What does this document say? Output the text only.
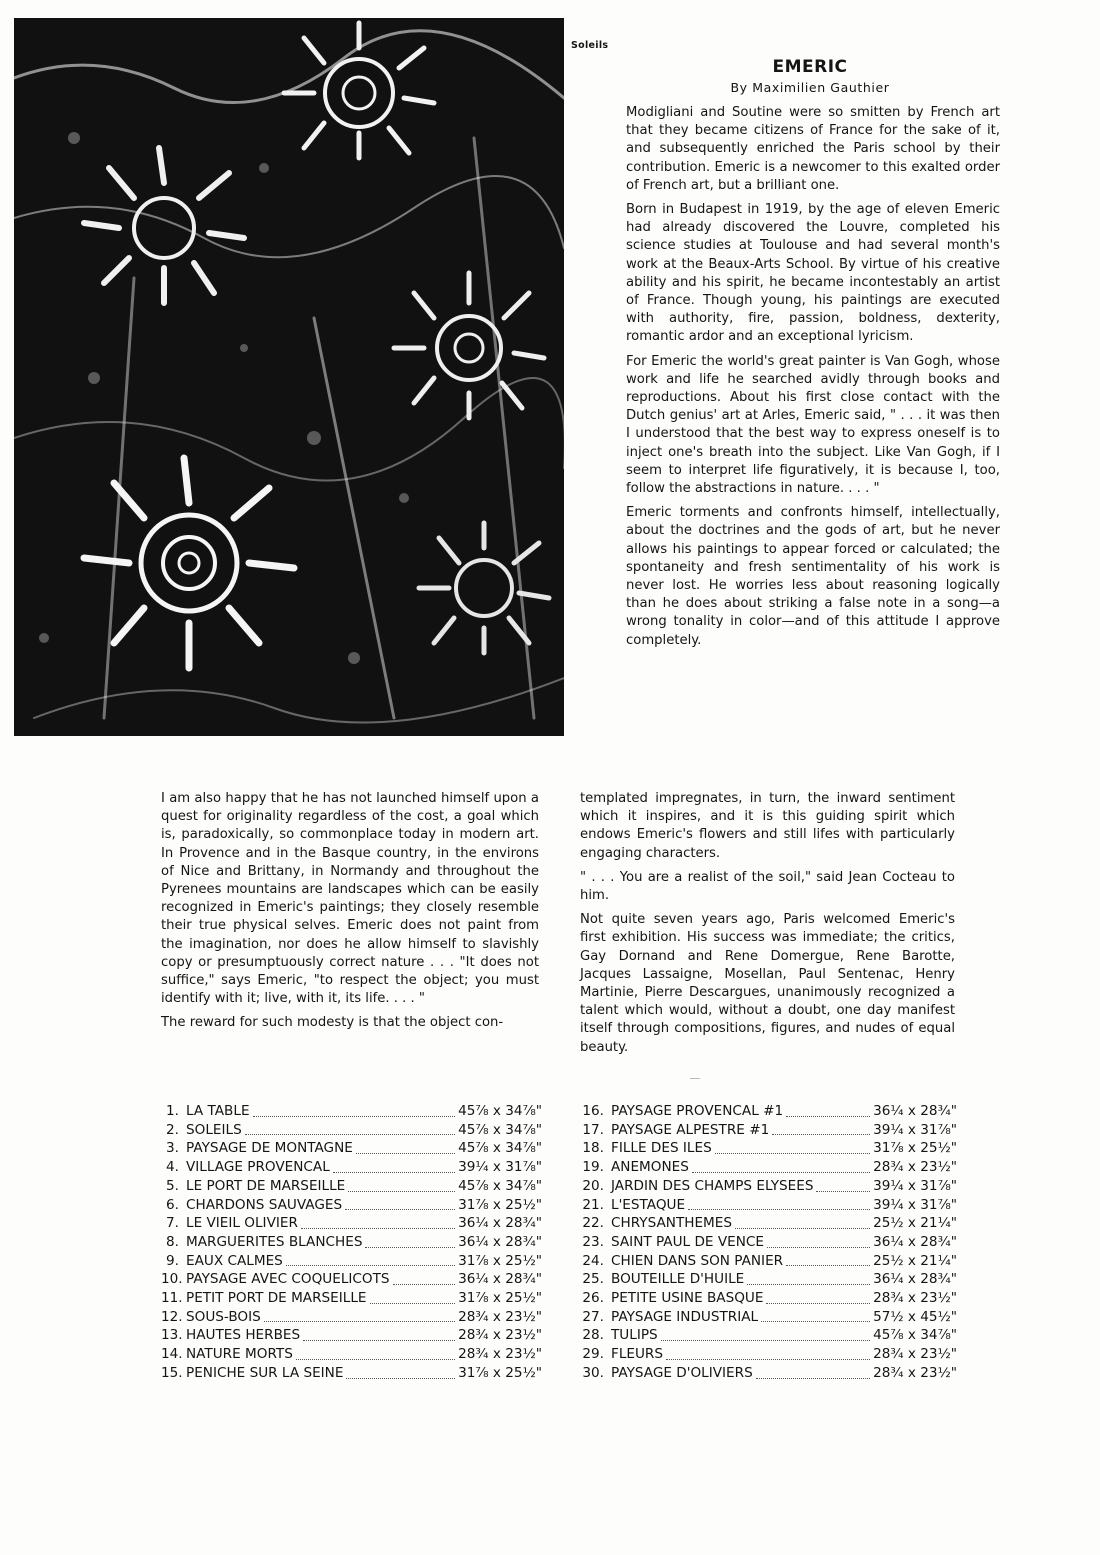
Soleils
EMERIC
By Maximilien Gauthier

Modigliani and Soutine were so smitten by French art that they became citizens of France for the sake of it, and subsequently enriched the Paris school by their contribution. Emeric is a newcomer to this exalted order of French art, but a brilliant one.

Born in Budapest in 1919, by the age of eleven Emeric had already discovered the Louvre, completed his science studies at Toulouse and had several month's work at the Beaux-Arts School. By virtue of his creative ability and his spirit, he became incontestably an artist of France. Though young, his paintings are executed with authority, fire, passion, boldness, dexterity, romantic ardor and an exceptional lyricism.

For Emeric the world's great painter is Van Gogh, whose work and life he searched avidly through books and reproductions. About his first close contact with the Dutch genius' art at Arles, Emeric said, " . . . it was then I understood that the best way to express oneself is to inject one's breath into the subject. Like Van Gogh, if I seem to interpret life figuratively, it is because I, too, follow the abstractions in nature. . . . "

Emeric torments and confronts himself, intellectually, about the doctrines and the gods of art, but he never allows his paintings to appear forced or calculated; the spontaneity and fresh sentimentality of his work is never lost. He worries less about reasoning logically than he does about striking a false note in a song—a wrong tonality in color—and of this attitude I approve completely.

I am also happy that he has not launched himself upon a quest for originality regardless of the cost, a goal which is, paradoxically, so commonplace today in modern art. In Provence and in the Basque country, in the environs of Nice and Brittany, in Normandy and throughout the Pyrenees mountains are landscapes which can be easily recognized in Emeric's paintings; they closely resemble their true physical selves. Emeric does not paint from the imagination, nor does he allow himself to slavishly copy or presumptuously correct nature . . . "It does not suffice," says Emeric, "to respect the object; you must identify with it; live, with it, its life. . . . "

The reward for such modesty is that the object con-

templated impregnates, in turn, the inward sentiment which it inspires, and it is this guiding spirit which endows Emeric's flowers and still lifes with particularly engaging characters.

" . . . You are a realist of the soil," said Jean Cocteau to him.

Not quite seven years ago, Paris welcomed Emeric's first exhibition. His success was immediate; the critics, Gay Dornand and Rene Domergue, Rene Barotte, Jacques Lassaigne, Mosellan, Paul Sentenac, Henry Martinie, Pierre Descargues, unanimously recognized a talent which would, without a doubt, one day manifest itself through compositions, figures, and nudes of equal beauty.

1. LA TABLE	45⅞ x 34⅞"
2. SOLEILS	45⅞ x 34⅞"
3. PAYSAGE DE MONTAGNE	45⅞ x 34⅞"
4. VILLAGE PROVENCAL	39¼ x 31⅞"
5. LE PORT DE MARSEILLE	45⅞ x 34⅞"
6. CHARDONS SAUVAGES	31⅞ x 25½"
7. LE VIEIL OLIVIER	36¼ x 28¾"
8. MARGUERITES BLANCHES	36¼ x 28¾"
9. EAUX CALMES	31⅞ x 25½"
10. PAYSAGE AVEC COQUELICOTS	36¼ x 28¾"
11. PETIT PORT DE MARSEILLE	31⅞ x 25½"
12. SOUS-BOIS	28¾ x 23½"
13. HAUTES HERBES	28¾ x 23½"
14. NATURE MORTS	28¾ x 23½"
15. PENICHE SUR LA SEINE	31⅞ x 25½"
16. PAYSAGE PROVENCAL #1	36¼ x 28¾"
17. PAYSAGE ALPESTRE #1	39¼ x 31⅞"
18. FILLE DES ILES	31⅞ x 25½"
19. ANEMONES	28¾ x 23½"
20. JARDIN DES CHAMPS ELYSEES	39¼ x 31⅞"
21. L'ESTAQUE	39¼ x 31⅞"
22. CHRYSANTHEMES	25½ x 21¼"
23. SAINT PAUL DE VENCE	36¼ x 28¾"
24. CHIEN DANS SON PANIER	25½ x 21¼"
25. BOUTEILLE D'HUILE	36¼ x 28¾"
26. PETITE USINE BASQUE	28¾ x 23½"
27. PAYSAGE INDUSTRIAL	57½ x 45½"
28. TULIPS	45⅞ x 34⅞"
29. FLEURS	28¾ x 23½"
30. PAYSAGE D'OLIVIERS	28¾ x 23½"
